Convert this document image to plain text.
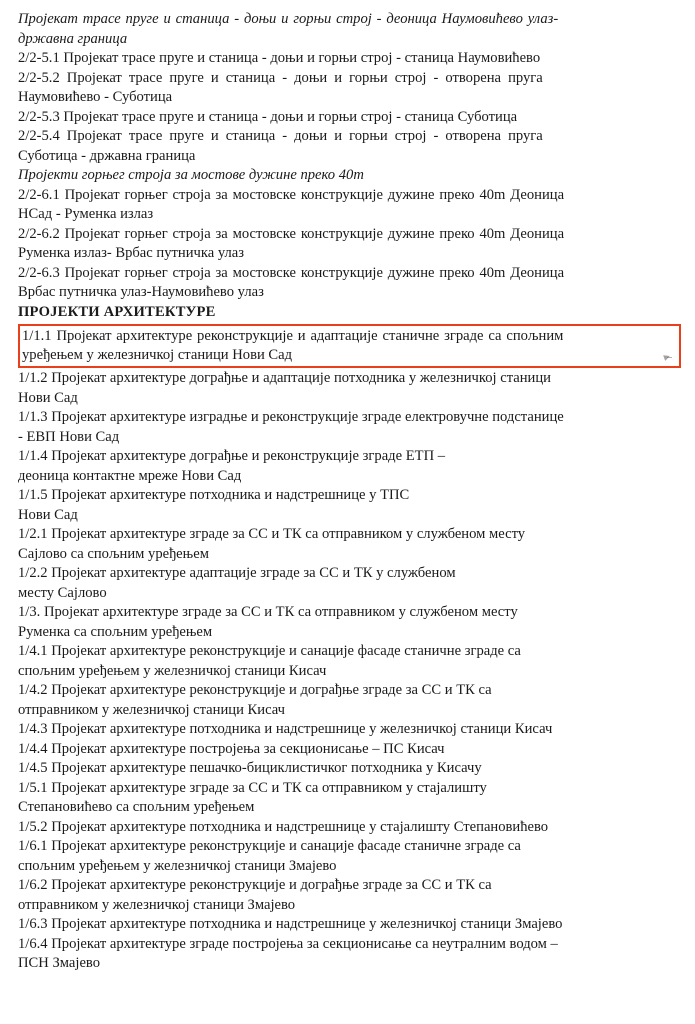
Пројекат трасе пруге и станица - доњи и горњи строј - деоница Наумовићево улаз-
државна граница
2/2-5.1 Пројекат трасе пруге и станица - доњи и горњи строј - станица Наумовићево
2/2-5.2 Пројекат трасе пруге и станица - доњи и горњи строј - отворена пруга
Наумовићево - Суботица
2/2-5.3 Пројекат трасе пруге и станица - доњи и горњи строј - станица Суботица
2/2-5.4 Пројекат трасе пруге и станица - доњи и горњи строј - отворена пруга
Суботица - државна граница
Пројекти горњег строја за мостове дужине преко 40m
2/2-6.1 Пројекат горњег строја за мостовске конструкције дужине преко 40m Деоница
НСад - Руменка излаз
2/2-6.2 Пројекат горњег строја за мостовске конструкције дужине преко 40m Деоница
Руменка излаз- Врбас путничка улаз
2/2-6.3 Пројекат горњег строја за мостовске конструкције дужине преко 40m Деоница
Врбас путничка улаз-Наумовићево улаз
ПРОЈЕКТИ АРХИТЕКТУРЕ
1/1.1 Пројекат архитектуре реконструкције и адаптације станичне зграде са спољним
уређењем у железничкој станици Нови Сад
1/1.2 Пројекат архитектуре дограђње и адаптације потходника у железничкој станици
Нови Сад
1/1.3 Пројекат архитектуре изградње и реконструкције зграде електровучне подстанице
- ЕВП Нови Сад
1/1.4 Пројекат архитектуре дограђње и реконструкције зграде ЕТП –
деоница контактне мреже Нови Сад
1/1.5 Пројекат архитектуре потходника и надстрешнице у ТПС
Нови Сад
1/2.1 Пројекат архитектуре зграде за СС и ТК са отправником у службеном месту
Сајлово са спољним уређењем
1/2.2 Пројекат архитектуре адаптације зграде за СС и ТК у службеном
месту Сајлово
1/3. Пројекат архитектуре зграде за СС и ТК са отправником у службеном месту
Руменка са спољним уређењем
1/4.1 Пројекат архитектуре реконструкције и санације фасаде станичне зграде са
спољним уређењем у железничкој станици Кисач
1/4.2 Пројекат архитектуре реконструкције и дограђње зграде за СС и ТК са
отправником у железничкој станици Кисач
1/4.3 Пројекат архитектуре потходника и надстрешнице у железничкој станици Кисач
1/4.4 Пројекат архитектуре постројења за секционисање – ПС Кисач
1/4.5 Пројекат архитектуре пешачко-бициклистичког потходника у Кисачу
1/5.1 Пројекат архитектуре зграде за СС и ТК са отправником у стајалишту
Степановићево са спољним уређењем
1/5.2 Пројекат архитектуре потходника и надстрешнице у стајалишту Степановићево
1/6.1 Пројекат архитектуре реконструкције и санације фасаде станичне зграде са
спољним уређењем у железничкој станици Змајево
1/6.2 Пројекат архитектуре реконструкције и дограђње зграде за СС и ТК са
отправником у железничкој станици Змајево
1/6.3 Пројекат архитектуре потходника и надстрешнице у железничкој станици Змајево
1/6.4 Пројекат архитектуре зграде постројења за секционисање са неутралним водом –
ПСН Змајево
